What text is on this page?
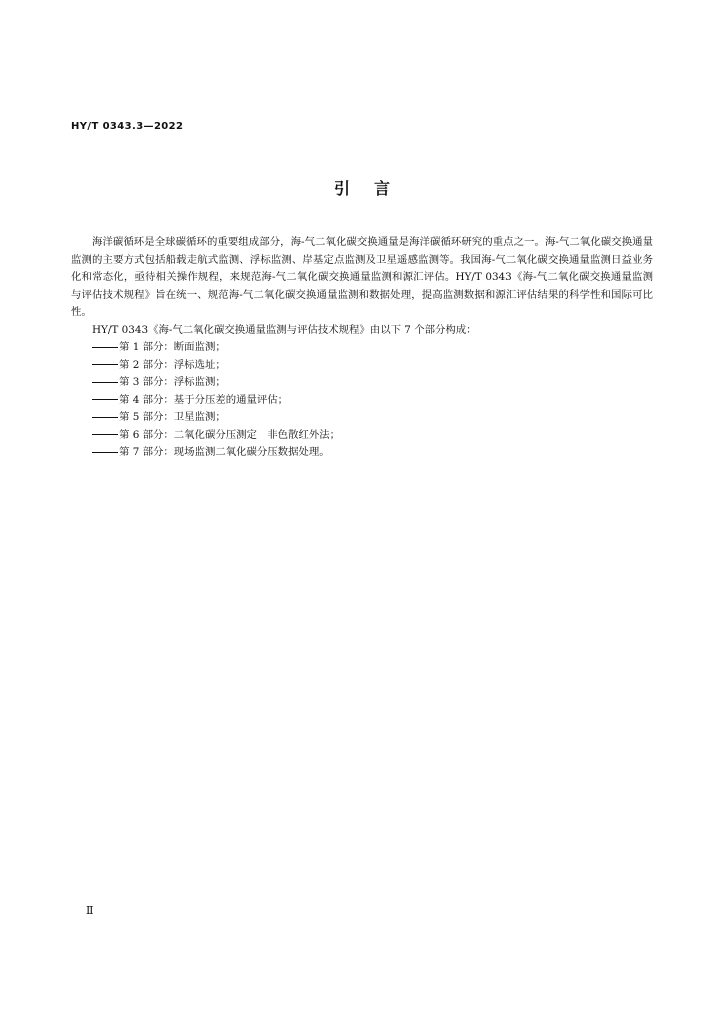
HY/T 0343.3—2022
引言

海洋碳循环是全球碳循环的重要组成部分，海-气二氧化碳交换通量是海洋碳循环研究的重点之一。海-气二氧化碳交换通量监测的主要方式包括船载走航式监测、浮标监测、岸基定点监测及卫星遥感监测等。我国海-气二氧化碳交换通量监测日益业务化和常态化，亟待相关操作规程，来规范海-气二氧化碳交换通量监测和源汇评估。HY/T 0343《海-气二氧化碳交换通量监测与评估技术规程》旨在统一、规范海-气二氧化碳交换通量监测和数据处理，提高监测数据和源汇评估结果的科学性和国际可比性。

HY/T 0343《海-气二氧化碳交换通量监测与评估技术规程》由以下 7 个部分构成：

第 1 部分：断面监测；
第 2 部分：浮标选址；
第 3 部分：浮标监测；
第 4 部分：基于分压差的通量评估；
第 5 部分：卫星监测；
第 6 部分：二氧化碳分压测定　非色散红外法；
第 7 部分：现场监测二氧化碳分压数据处理。
Ⅱ
